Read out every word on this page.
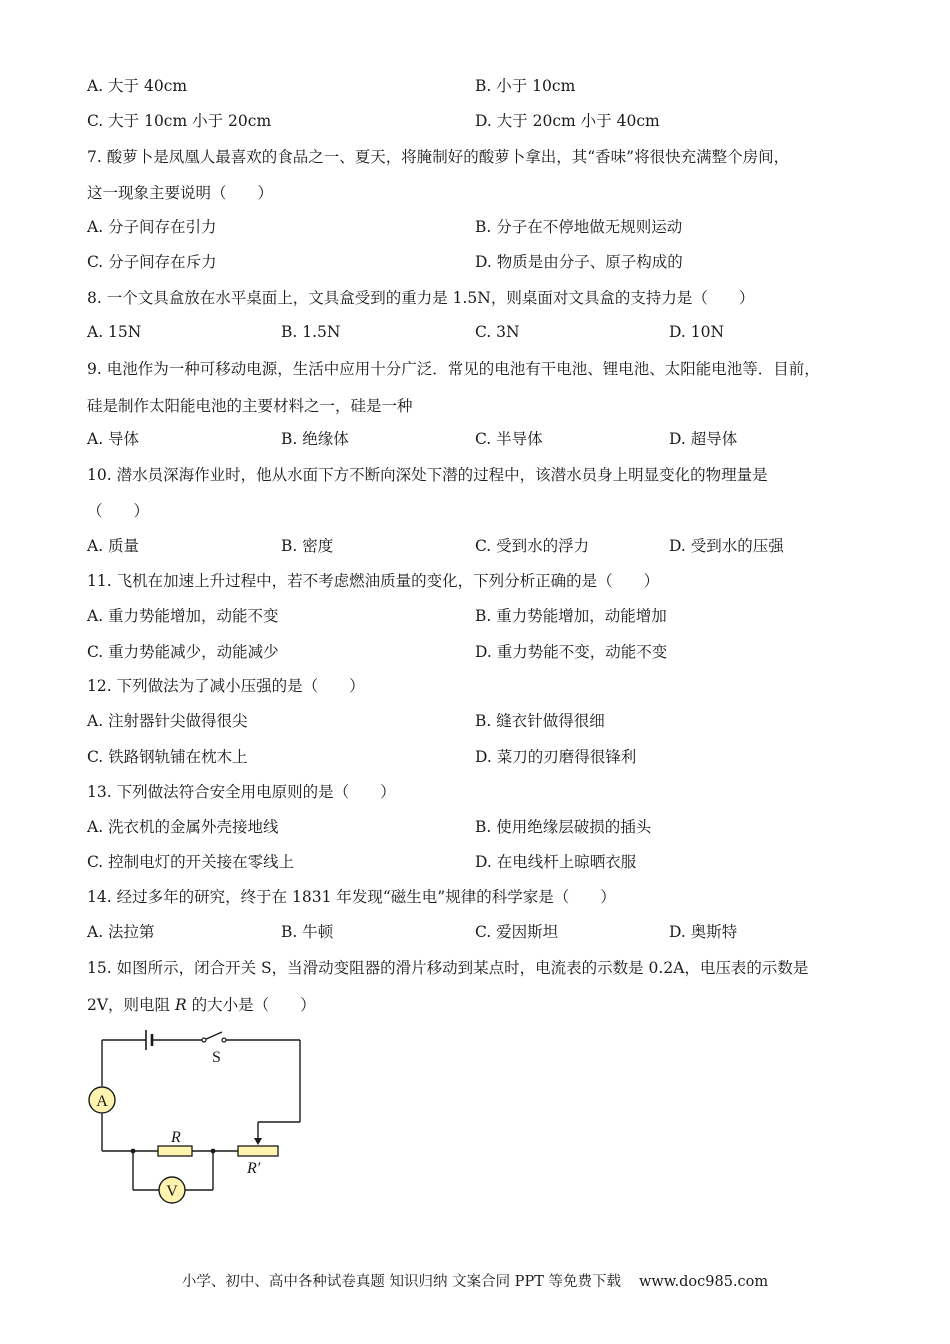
A. 大于 40cm	B. 小于 10cm
C. 大于 10cm 小于 20cm	D. 大于 20cm 小于 40cm
7. 酸萝卜是凤凰人最喜欢的食品之一、夏天，将腌制好的酸萝卜拿出，其“香味”将很快充满整个房间，
这一现象主要说明（　　）
A. 分子间存在引力	B. 分子在不停地做无规则运动
C. 分子间存在斥力	D. 物质是由分子、原子构成的
8. 一个文具盒放在水平桌面上，文具盒受到的重力是 1.5N，则桌面对文具盒的支持力是（　　）
A. 15N	B. 1.5N	C. 3N	D. 10N
9. 电池作为一种可移动电源，生活中应用十分广泛．常见的电池有干电池、锂电池、太阳能电池等．目前，
硅是制作太阳能电池的主要材料之一，硅是一种
A. 导体	B. 绝缘体	C. 半导体	D. 超导体
10. 潜水员深海作业时，他从水面下方不断向深处下潜的过程中，该潜水员身上明显变化的物理量是
（　　）
A. 质量	B. 密度	C. 受到水的浮力	D. 受到水的压强
11. 飞机在加速上升过程中，若不考虑燃油质量的变化，下列分析正确的是（　　）
A. 重力势能增加，动能不变	B. 重力势能增加，动能增加
C. 重力势能减少，动能减少	D. 重力势能不变，动能不变
12. 下列做法为了减小压强的是（　　）
A. 注射器针尖做得很尖	B. 缝衣针做得很细
C. 铁路钢轨铺在枕木上	D. 菜刀的刃磨得很锋利
13. 下列做法符合安全用电原则的是（　　）
A. 洗衣机的金属外壳接地线	B. 使用绝缘层破损的插头
C. 控制电灯的开关接在零线上	D. 在电线杆上晾晒衣服
14. 经过多年的研究，终于在 1831 年发现“磁生电”规律的科学家是（　　）
A. 法拉第	B. 牛顿	C. 爱因斯坦	D. 奥斯特
15. 如图所示，闭合开关 S，当滑动变阻器的滑片移动到某点时，电流表的示数是 0.2A，电压表的示数是
2V，则电阻 R 的大小是（　　）
S
A
R
R′
V
小学、初中、高中各种试卷真题 知识归纳 文案合同 PPT 等免费下载 www.doc985.com
